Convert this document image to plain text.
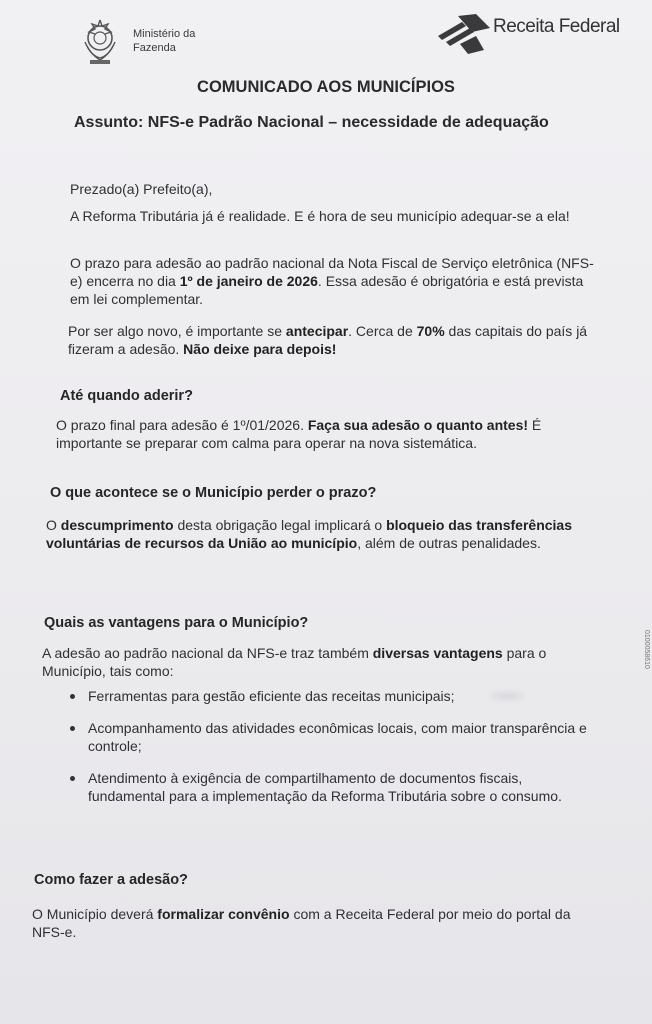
Ministério da
Fazenda
Receita Federal
COMUNICADO AOS MUNICÍPIOS
Assunto: NFS-e Padrão Nacional – necessidade de adequação
Prezado(a) Prefeito(a),
A Reforma Tributária já é realidade. E é hora de seu município adequar-se a ela!
O prazo para adesão ao padrão nacional da Nota Fiscal de Serviço eletrônica (NFS-e) encerra no dia 1º de janeiro de 2026. Essa adesão é obrigatória e está prevista em lei complementar.
Por ser algo novo, é importante se antecipar. Cerca de 70% das capitais do país já fizeram a adesão. Não deixe para depois!
Até quando aderir?
O prazo final para adesão é 1º/01/2026. Faça sua adesão o quanto antes! É importante se preparar com calma para operar na nova sistemática.
O que acontece se o Município perder o prazo?
O descumprimento desta obrigação legal implicará o bloqueio das transferências voluntárias de recursos da União ao município, além de outras penalidades.
Quais as vantagens para o Município?
A adesão ao padrão nacional da NFS-e traz também diversas vantagens para o Município, tais como:
Ferramentas para gestão eficiente das receitas municipais;
Acompanhamento das atividades econômicas locais, com maior transparência e controle;
Atendimento à exigência de compartilhamento de documentos fiscais, fundamental para a implementação da Reforma Tributária sobre o consumo.
Como fazer a adesão?
O Município deverá formalizar convênio com a Receita Federal por meio do portal da NFS-e.
0100058610
